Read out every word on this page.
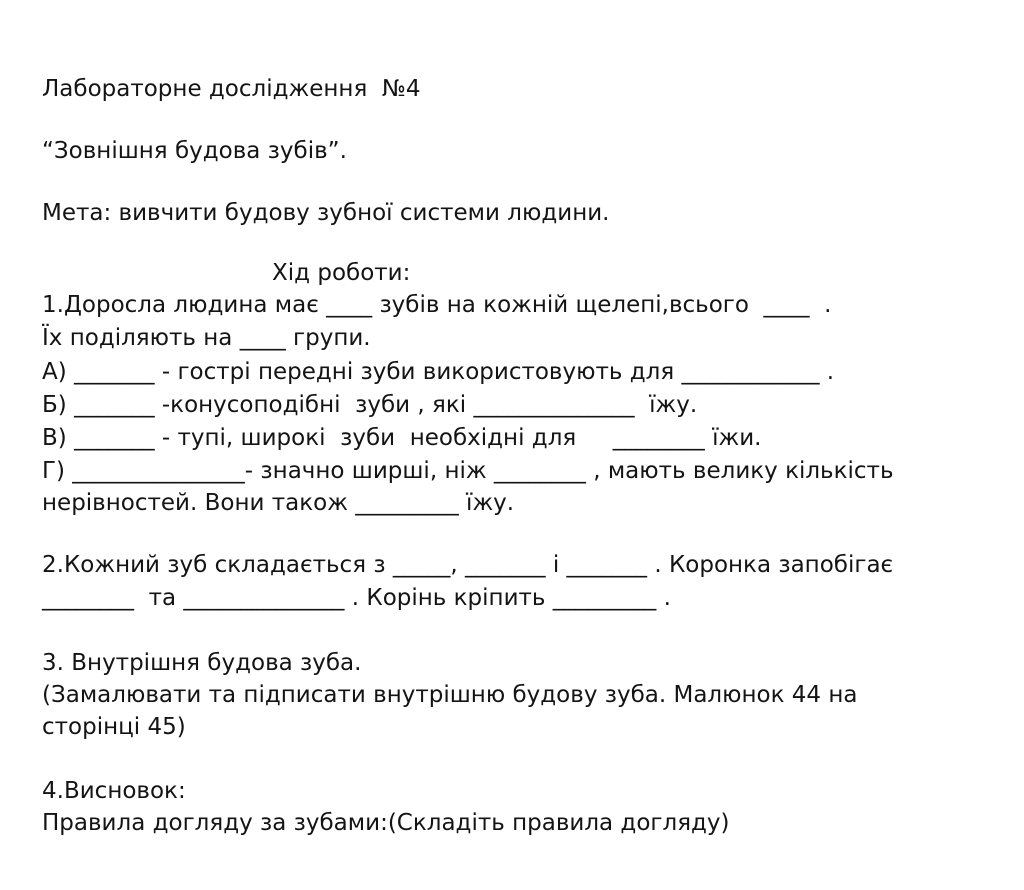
Лабораторне дослідження  №4
“Зовнішня будова зубів”.
Мета: вивчити будову зубної системи людини.
Хід роботи:
1.Доросла людина має ____ зубів на кожній щелепі,всього  ____  .
Їх поділяють на ____ групи.
А) _______ - гострі передні зуби використовують для ____________ .
Б) _______ -конусоподібні  зуби , які ______________  їжу.
В) _______ - тупі, широкі  зуби  необхідні для     ________ їжи.
Г) _______________- значно ширші, ніж ________ , мають велику кількість
нерівностей. Вони також _________ їжу.
2.Кожний зуб складається з _____, _______ і _______ . Коронка запобігає
________  та ______________ . Корінь кріпить _________ .
3. Внутрішня будова зуба.
(Замалювати та підписати внутрішню будову зуба. Малюнок 44 на
сторінці 45)
4.Висновок:
Правила догляду за зубами:(Складіть правила догляду)
